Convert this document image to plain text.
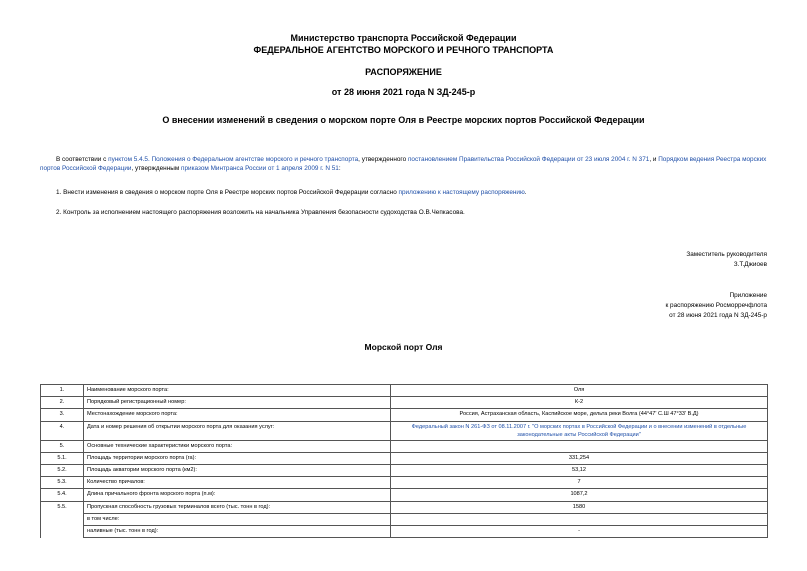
Министерство транспорта Российской Федерации
ФЕДЕРАЛЬНОЕ АГЕНТСТВО МОРСКОГО И РЕЧНОГО ТРАНСПОРТА
РАСПОРЯЖЕНИЕ
от 28 июня 2021 года N ЗД-245-р
О внесении изменений в сведения о морском порте Оля в Реестре морских портов Российской Федерации
В соответствии с пунктом 5.4.5. Положения о Федеральном агентстве морского и речного транспорта, утвержденного постановлением Правительства Российской Федерации от 23 июля 2004 г. N 371, и Порядком ведения Реестра морских портов Российской Федерации, утвержденным приказом Минтранса России от 1 апреля 2009 г. N 51:
1. Внести изменения в сведения о морском порте Оля в Реестре морских портов Российской Федерации согласно приложению к настоящему распоряжению.
2. Контроль за исполнением настоящего распоряжения возложить на начальника Управления безопасности судоходства О.В.Чепкасова.
Заместитель руководителя
З.Т.Джиоев
Приложение
к распоряжению Росморречфлота
от 28 июня 2021 года N ЗД-245-р
Морской порт Оля
1.	Наименование морского порта:	Оля
2.	Порядковый регистрационный номер:	К-2
3.	Местонахождение морского порта:	Россия, Астраханская область, Каспийское море, дельта реки Волга (44°47' С.Ш 47°33' В.Д)
4.	Дата и номер решения об открытии морского порта для оказания услуг:	Федеральный закон N 261-ФЗ от 08.11.2007 г. "О морских портах в Российской Федерации и о внесении изменений в отдельные законодательные акты Российской Федерации"
5.	Основные технические характеристики морского порта:	
5.1.	Площадь территории морского порта (га):	331,254
5.2.	Площадь акватории морского порта (км2):	53,12
5.3.	Количество причалов:	7
5.4.	Длина причального фронта морского порта (п.м):	1087,2
5.5.	Пропускная способность грузовых терминалов всего (тыс. тонн в год):	1580
	в том числе:	
	наливные (тыс. тонн в год):	-
